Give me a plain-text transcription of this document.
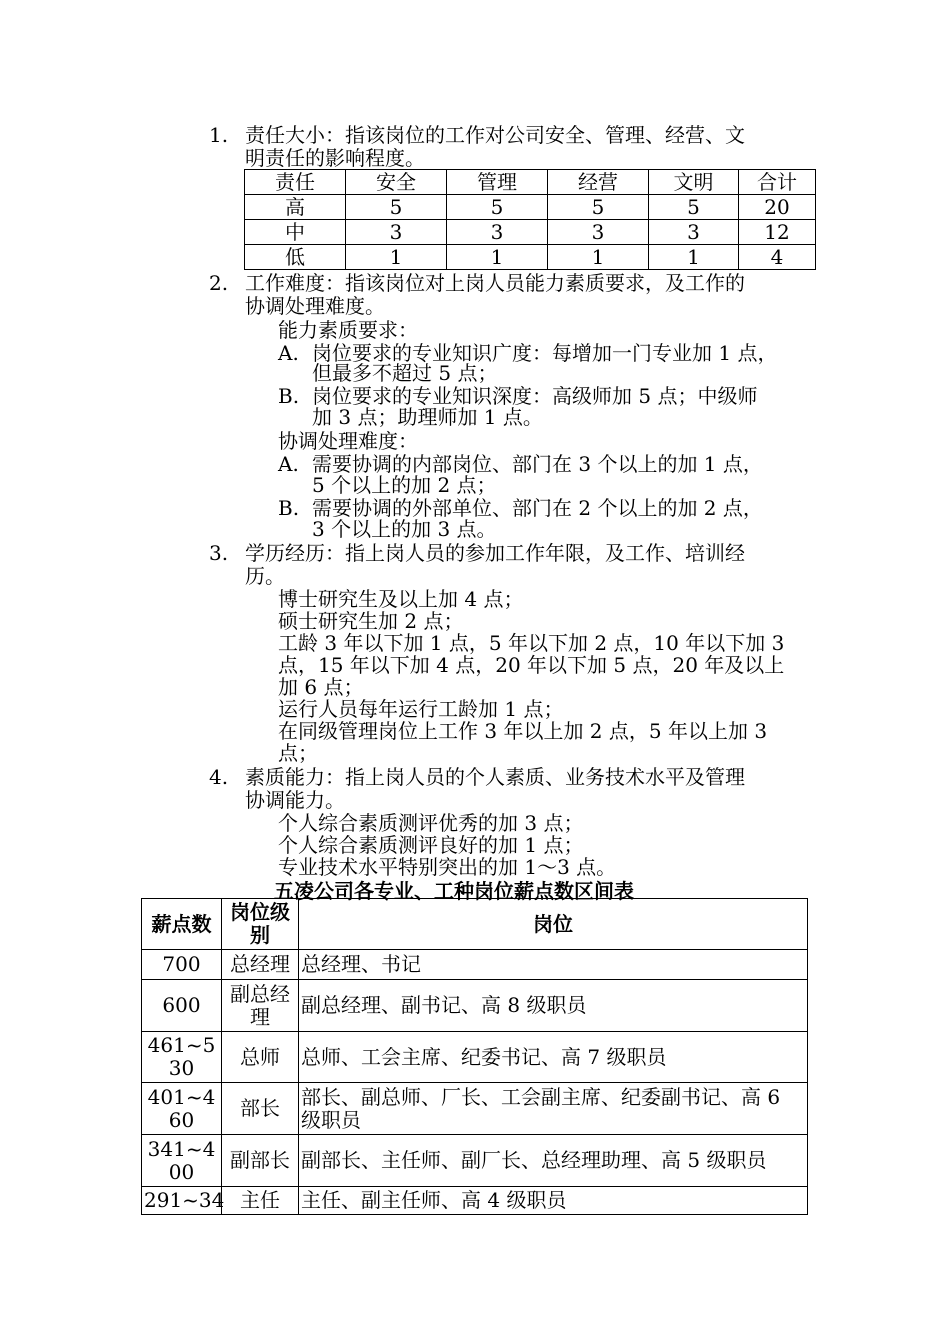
1. 责任大小：指该岗位的工作对公司安全、管理、经营、文
明责任的影响程度。
责任	安全	管理	经营	文明	合计
高	5	5	5	5	20
中	3	3	3	3	12
低	1	1	1	1	4
2. 工作难度：指该岗位对上岗人员能力素质要求，及工作的
协调处理难度。
能力素质要求：
A. 岗位要求的专业知识广度：每增加一门专业加 1 点，
但最多不超过 5 点；
B. 岗位要求的专业知识深度：高级师加 5 点；中级师
加 3 点；助理师加 1 点。
协调处理难度：
A. 需要协调的内部岗位、部门在 3 个以上的加 1 点，
5 个以上的加 2 点；
B. 需要协调的外部单位、部门在 2 个以上的加 2 点，
3 个以上的加 3 点。
3. 学历经历：指上岗人员的参加工作年限，及工作、培训经
历。
博士研究生及以上加 4 点；
硕士研究生加 2 点；
工龄 3 年以下加 1 点，5 年以下加 2 点，10 年以下加 3
点，15 年以下加 4 点，20 年以下加 5 点，20 年及以上
加 6 点；
运行人员每年运行工龄加 1 点；
在同级管理岗位上工作 3 年以上加 2 点，5 年以上加 3
点；
4. 素质能力：指上岗人员的个人素质、业务技术水平及管理
协调能力。
个人综合素质测评优秀的加 3 点；
个人综合素质测评良好的加 1 点；
专业技术水平特别突出的加 1～3 点。
五凌公司各专业、工种岗位薪点数区间表
薪点数	岗位级别	岗位
700	总经理	总经理、书记
600	副总经理	副总经理、副书记、高 8 级职员
461~530	总师	总师、工会主席、纪委书记、高 7 级职员
401~460	部长	部长、副总师、厂长、工会副主席、纪委副书记、高 6 级职员
341~400	副部长	副部长、主任师、副厂长、总经理助理、高 5 级职员
291~34	主任	主任、副主任师、高 4 级职员
